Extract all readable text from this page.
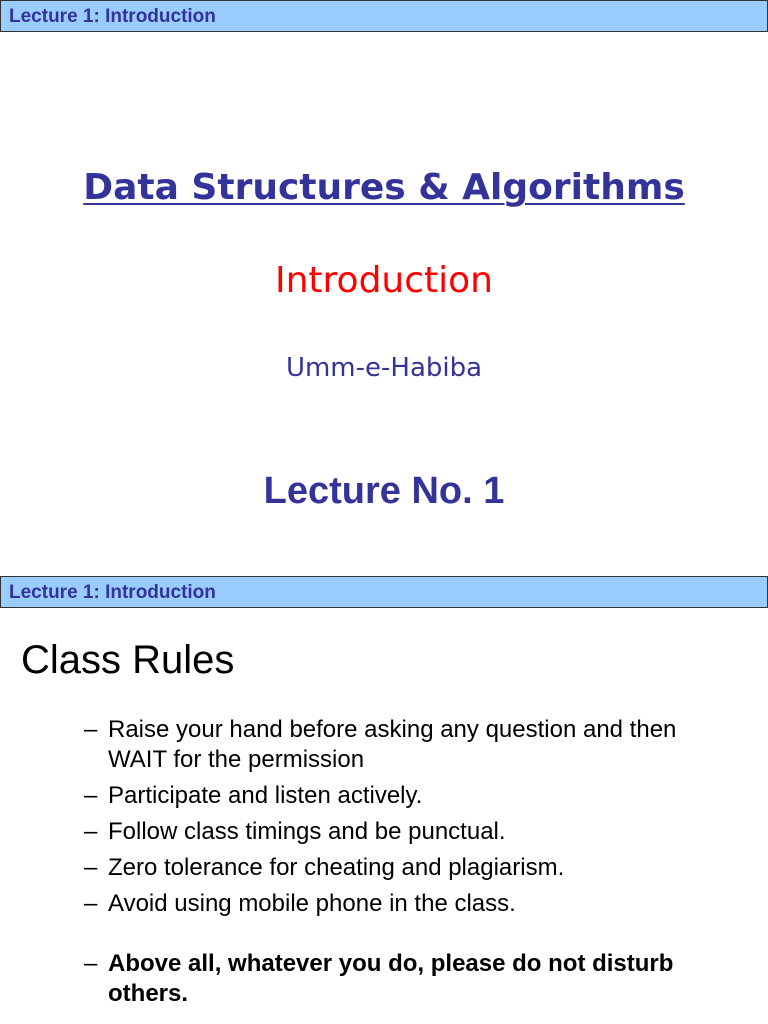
Lecture 1: Introduction
Data Structures & Algorithms
Introduction
Umm-e-Habiba
Lecture No. 1
Lecture 1: Introduction
Class Rules
– Raise your hand before asking any question and then WAIT for the permission
– Participate and listen actively.
– Follow class timings and be punctual.
– Zero tolerance for cheating and plagiarism.
– Avoid using mobile phone in the class.
– Above all, whatever you do, please do not disturb others.
